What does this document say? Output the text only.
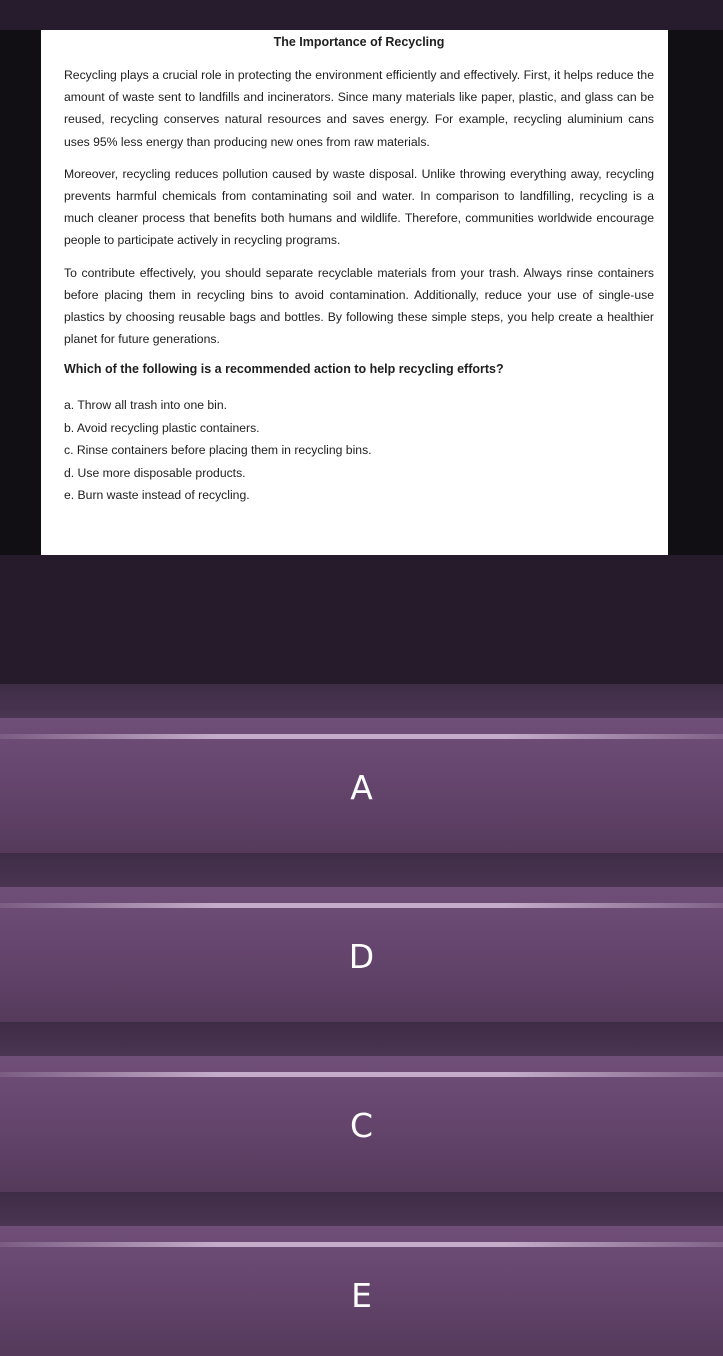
The Importance of Recycling

Recycling plays a crucial role in protecting the environment efficiently and effectively. First, it helps reduce the amount of waste sent to landfills and incinerators. Since many materials like paper, plastic, and glass can be reused, recycling conserves natural resources and saves energy. For example, recycling aluminium cans uses 95% less energy than producing new ones from raw materials.

Moreover, recycling reduces pollution caused by waste disposal. Unlike throwing everything away, recycling prevents harmful chemicals from contaminating soil and water. In comparison to landfilling, recycling is a much cleaner process that benefits both humans and wildlife. Therefore, communities worldwide encourage people to participate actively in recycling programs.

To contribute effectively, you should separate recyclable materials from your trash. Always rinse containers before placing them in recycling bins to avoid contamination. Additionally, reduce your use of single-use plastics by choosing reusable bags and bottles. By following these simple steps, you help create a healthier planet for future generations.

Which of the following is a recommended action to help recycling efforts?
a. Throw all trash into one bin.
b. Avoid recycling plastic containers.
c. Rinse containers before placing them in recycling bins.
d. Use more disposable products.
e. Burn waste instead of recycling.
A
D
C
E
